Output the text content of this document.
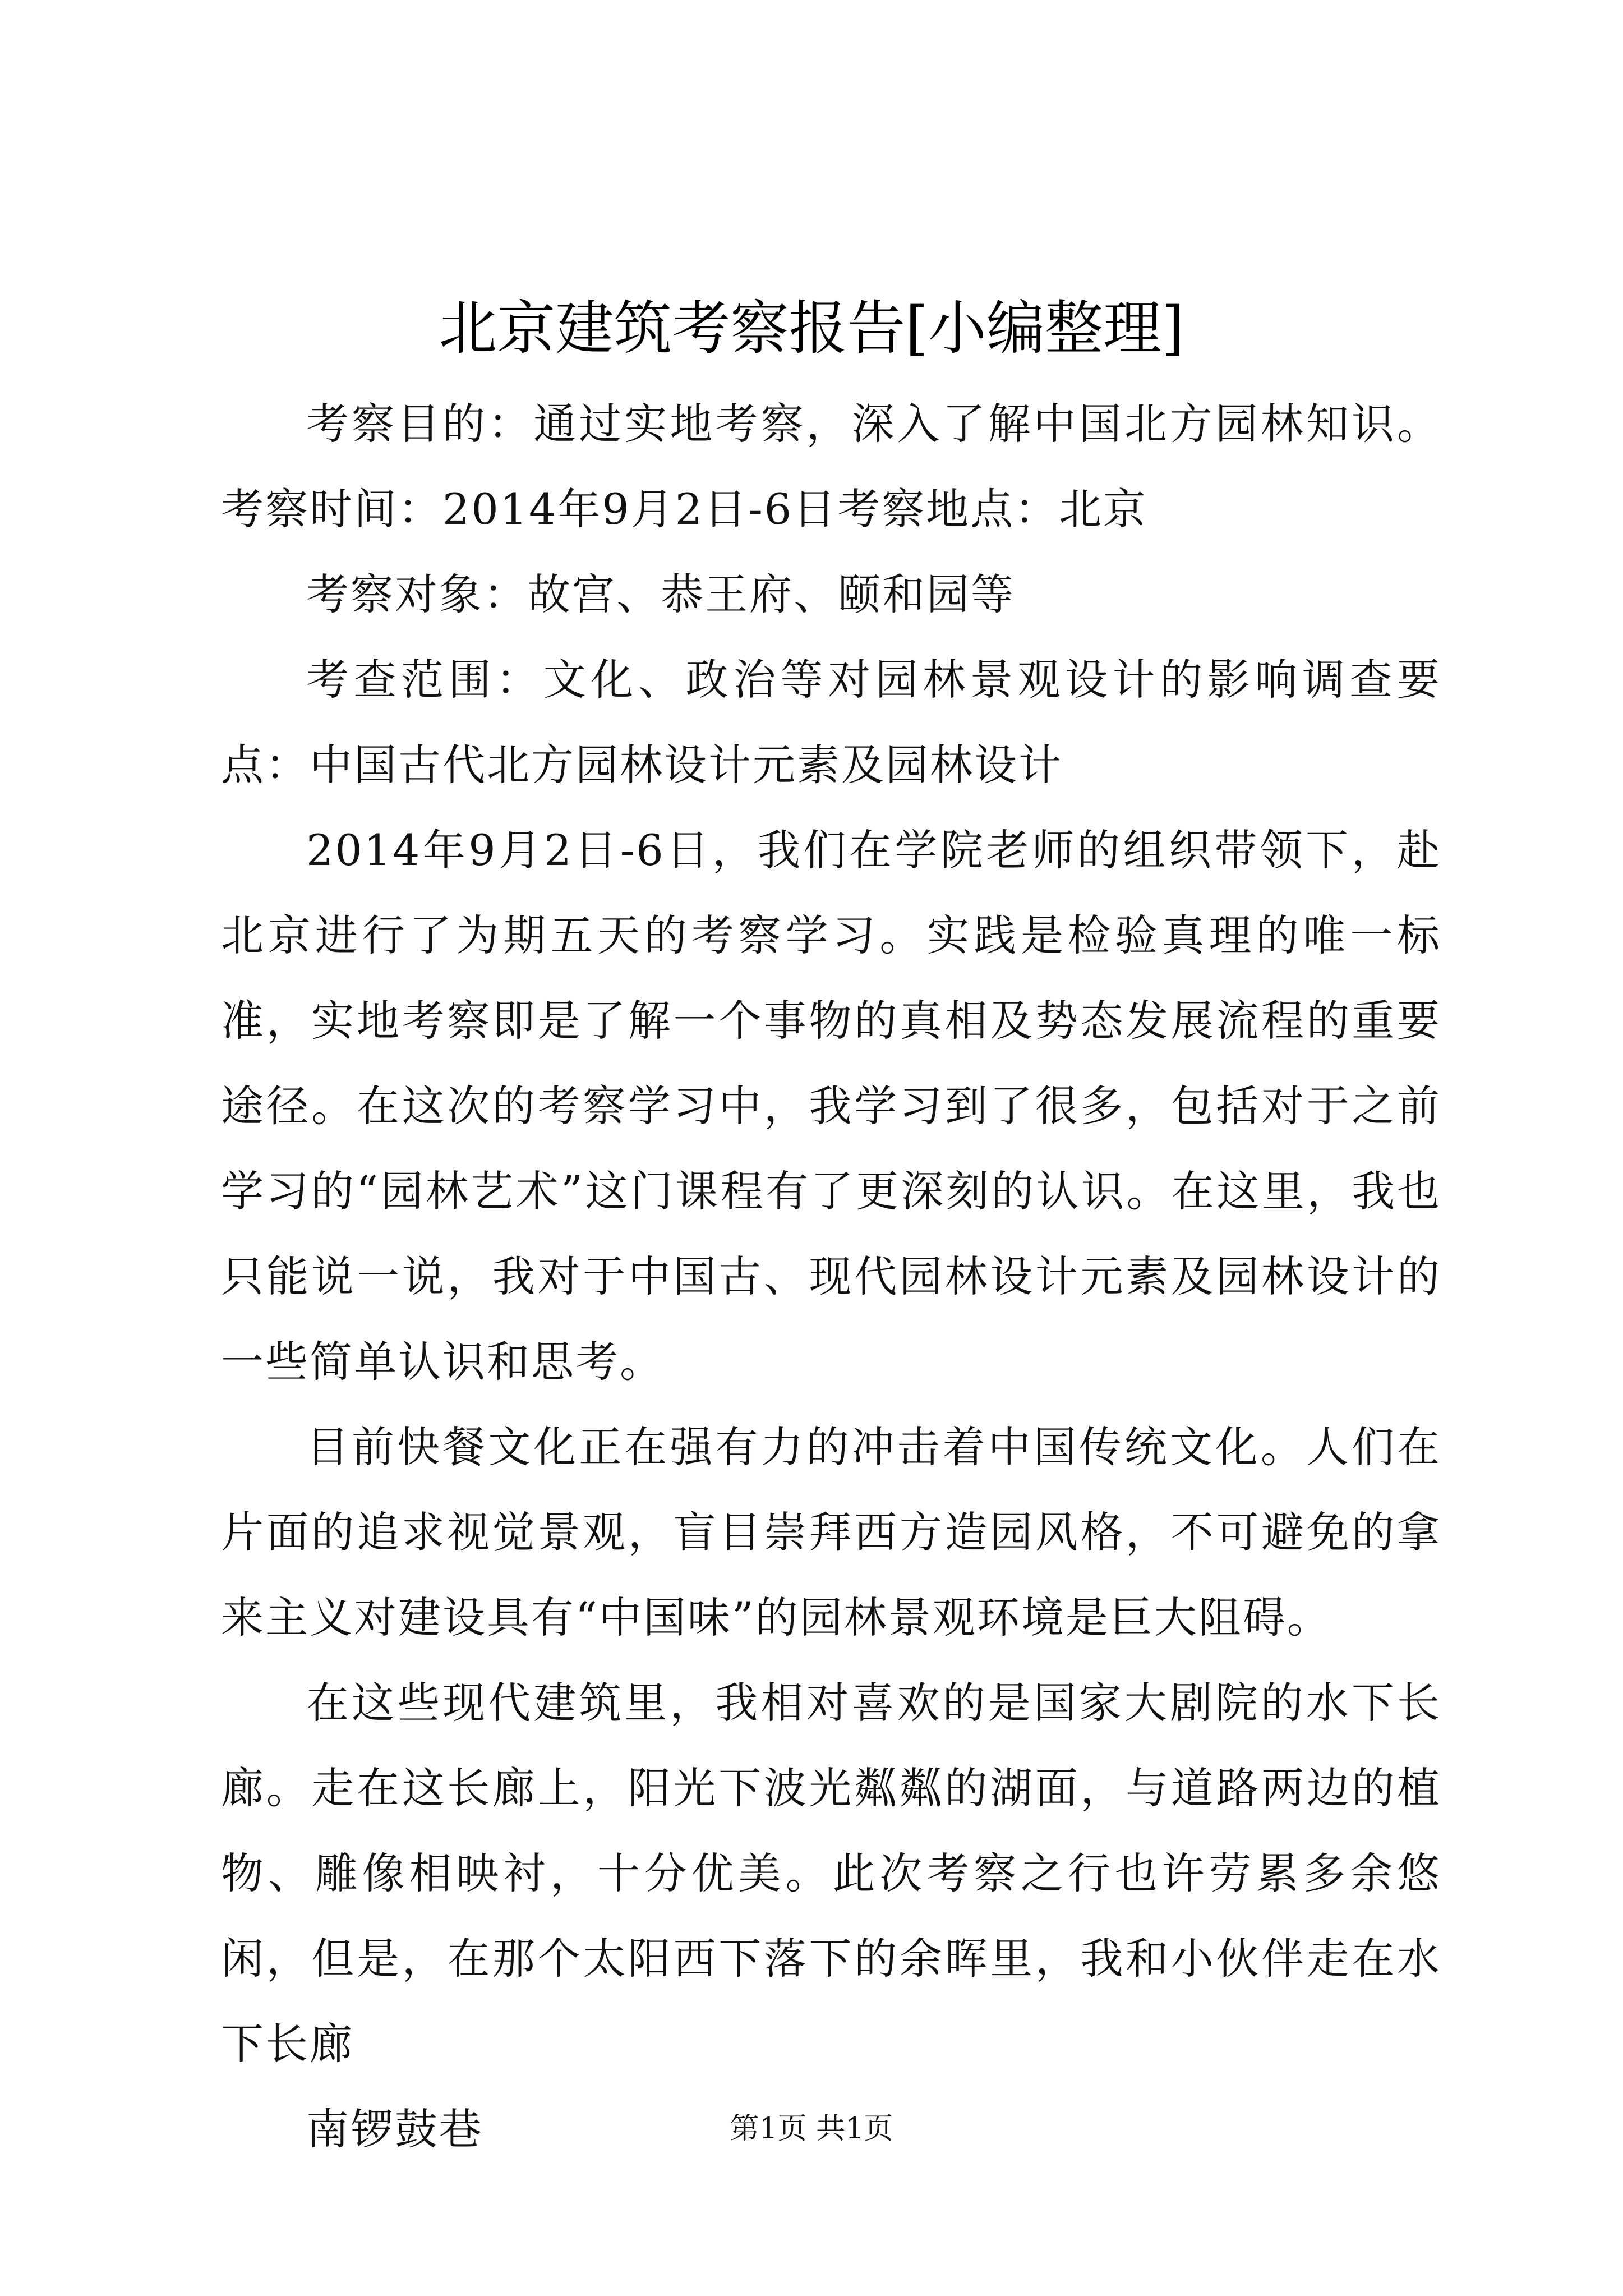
北京建筑考察报告[小编整理]

考察目的：通过实地考察，深入了解中国北方园林知识。考察时间：2014年9月2日-6日考察地点：北京

考察对象：故宫、恭王府、颐和园等

考查范围：文化、政治等对园林景观设计的影响调查要点：中国古代北方园林设计元素及园林设计

2014年9月2日-6日，我们在学院老师的组织带领下，赴北京进行了为期五天的考察学习。实践是检验真理的唯一标准，实地考察即是了解一个事物的真相及势态发展流程的重要途径。在这次的考察学习中，我学习到了很多，包括对于之前学习的“园林艺术”这门课程有了更深刻的认识。在这里，我也只能说一说，我对于中国古、现代园林设计元素及园林设计的一些简单认识和思考。

目前快餐文化正在强有力的冲击着中国传统文化。人们在片面的追求视觉景观，盲目崇拜西方造园风格，不可避免的拿来主义对建设具有“中国味”的园林景观环境是巨大阻碍。

在这些现代建筑里，我相对喜欢的是国家大剧院的水下长廊。走在这长廊上，阳光下波光粼粼的湖面，与道路两边的植物、雕像相映衬，十分优美。此次考察之行也许劳累多余悠闲，但是，在那个太阳西下落下的余晖里，我和小伙伴走在水下长廊

南锣鼓巷	第1页 共1页
